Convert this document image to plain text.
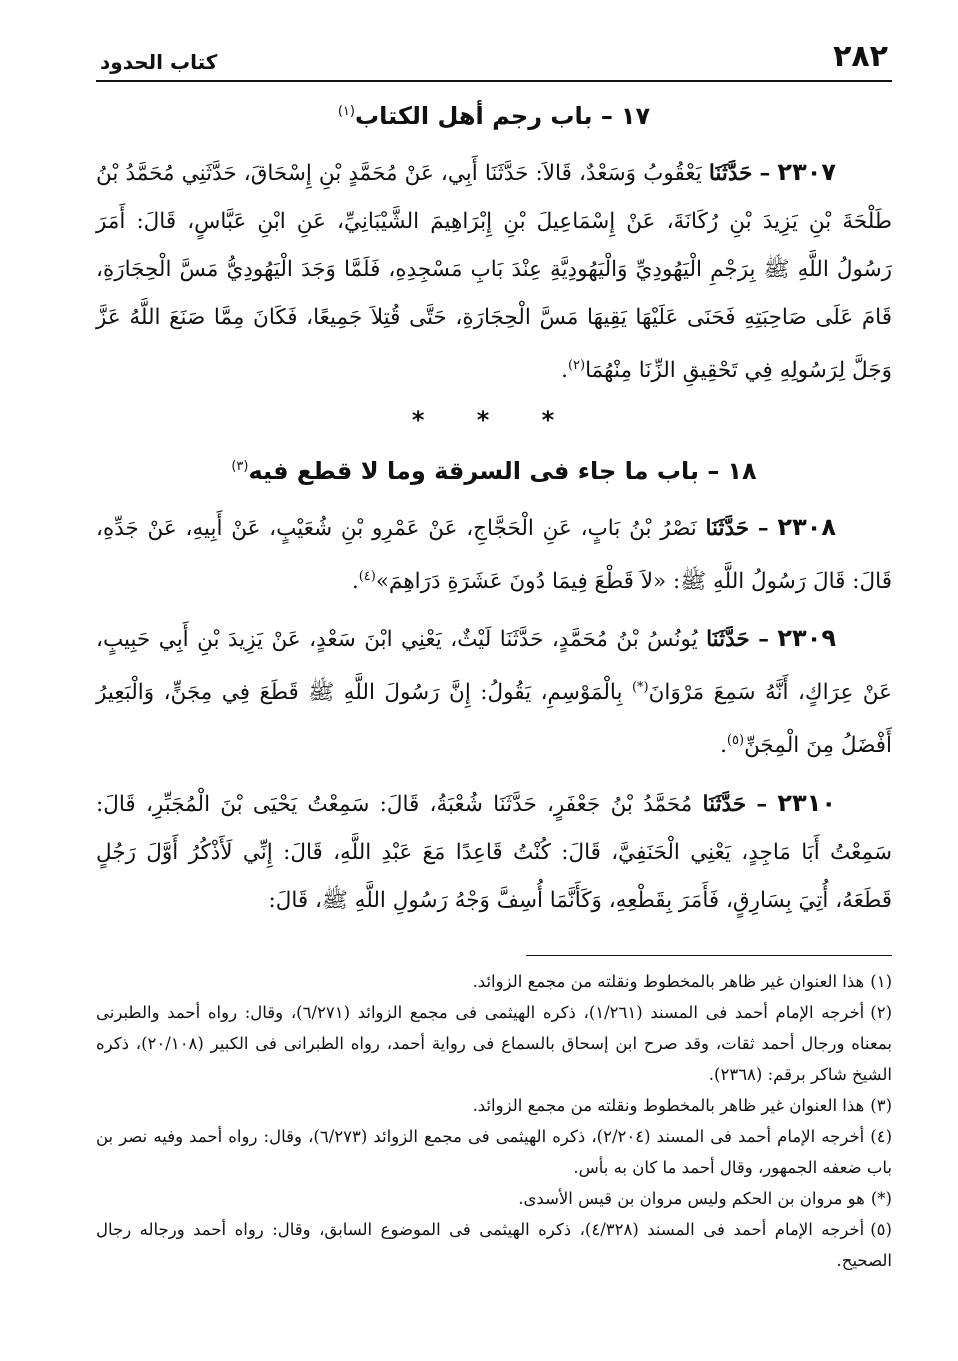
٢٨٢
كتاب الحدود
١٧– باب رجم أهل الكتاب$^{(١)}$

٢٣٠٧ – حَدَّثَنَا يَعْقُوبُ وَسَعْدٌ، قَالاَ: حَدَّثَنَا أَبِي، عَنْ مُحَمَّدٍ بْنِ إِسْحَاقَ، حَدَّثَنِي مُحَمَّدُ بْنُ طَلْحَةَ بْنِ يَزِيدَ بْنِ رُكَانَةَ، عَنْ إِسْمَاعِيلَ بْنِ إِبْرَاهِيمَ الشَّيْبَانِيِّ، عَنِ ابْنِ عَبَّاسٍ، قَالَ: أَمَرَ رَسُولُ اللَّهِ ﷺ بِرَجْمِ الْيَهُودِيِّ وَالْيَهُودِيَّةِ عِنْدَ بَابِ مَسْجِدِهِ، فَلَمَّا وَجَدَ الْيَهُودِيُّ مَسَّ الْحِجَارَةِ، قَامَ عَلَى صَاحِبَتِهِ فَحَنَى عَلَيْهَا يَقِيهَا مَسَّ الْحِجَارَةِ، حَتَّى قُتِلاَ جَمِيعًا، فَكَانَ مِمَّا صَنَعَ اللَّهُ عَزَّ وَجَلَّ لِرَسُولِهِ فِي تَحْقِيقِ الزِّنَا مِنْهُمَا$^{(٢)}$.

* * *
١٨– باب ما جاء فى السرقة وما لا قطع فيه$^{(٣)}$

٢٣٠٨ – حَدَّثَنَا نَصْرُ بْنُ بَابٍ، عَنِ الْحَجَّاجِ، عَنْ عَمْرِو بْنِ شُعَيْبٍ، عَنْ أَبِيهِ، عَنْ جَدِّهِ، قَالَ: قَالَ رَسُولُ اللَّهِ ﷺ: «لاَ قَطْعَ فِيمَا دُونَ عَشَرَةِ دَرَاهِمَ»$^{(٤)}$.

٢٣٠٩ – حَدَّثَنَا يُونُسُ بْنُ مُحَمَّدٍ، حَدَّثَنَا لَيْثٌ، يَعْنِي ابْنَ سَعْدٍ، عَنْ يَزِيدَ بْنِ أَبِي حَبِيبٍ، عَنْ عِرَاكٍ، أَنَّهُ سَمِعَ مَرْوَانَ(*) بِالْمَوْسِمِ، يَقُولُ: إِنَّ رَسُولَ اللَّهِ ﷺ قَطَعَ فِي مِجَنٍّ، وَالْبَعِيرُ أَفْضَلُ مِنَ الْمِجَنِّ$^{(٥)}$.

٢٣١٠ – حَدَّثَنَا مُحَمَّدُ بْنُ جَعْفَرٍ، حَدَّثَنَا شُعْبَةُ، قَالَ: سَمِعْتُ يَحْيَى بْنَ الْمُجَبِّرِ، قَالَ: سَمِعْتُ أَبَا مَاجِدٍ، يَعْنِي الْحَنَفِيَّ، قَالَ: كُنْتُ قَاعِدًا مَعَ عَبْدِ اللَّهِ، قَالَ: إِنِّي لَأَذْكُرُ أَوَّلَ رَجُلٍ قَطَعَهُ، أُتِيَ بِسَارِقٍ، فَأَمَرَ بِقَطْعِهِ، وَكَأَنَّمَا أُسِفَّ وَجْهُ رَسُولِ اللَّهِ ﷺ، قَالَ:

(١)هذا العنوان غير ظاهر بالمخطوط ونقلته من مجمع الزوائد.

(٢)أخرجه الإمام أحمد فى المسند (١/٢٦١)، ذكره الهيثمى فى مجمع الزوائد (٦/٢٧١)، وقال: رواه أحمد والطبرنى بمعناه ورجال أحمد ثقات، وقد صرح ابن إسحاق بالسماع فى رواية أحمد، رواه الطبرانى فى الكبير (٢٠/١٠٨)، ذكره الشيخ شاكر برقم: (٢٣٦٨).

(٣)هذا العنوان غير ظاهر بالمخطوط ونقلته من مجمع الزوائد.

(٤)أخرجه الإمام أحمد فى المسند (٢/٢٠٤)، ذكره الهيثمى فى مجمع الزوائد (٦/٢٧٣)، وقال: رواه أحمد وفيه نصر بن باب ضعفه الجمهور، وقال أحمد ما كان به بأس.

(*)هو مروان بن الحكم وليس مروان بن قيس الأسدى.

(٥)أخرجه الإمام أحمد فى المسند (٤/٣٢٨)، ذكره الهيثمى فى الموضوع السابق، وقال: رواه أحمد ورجاله رجال الصحيح.
